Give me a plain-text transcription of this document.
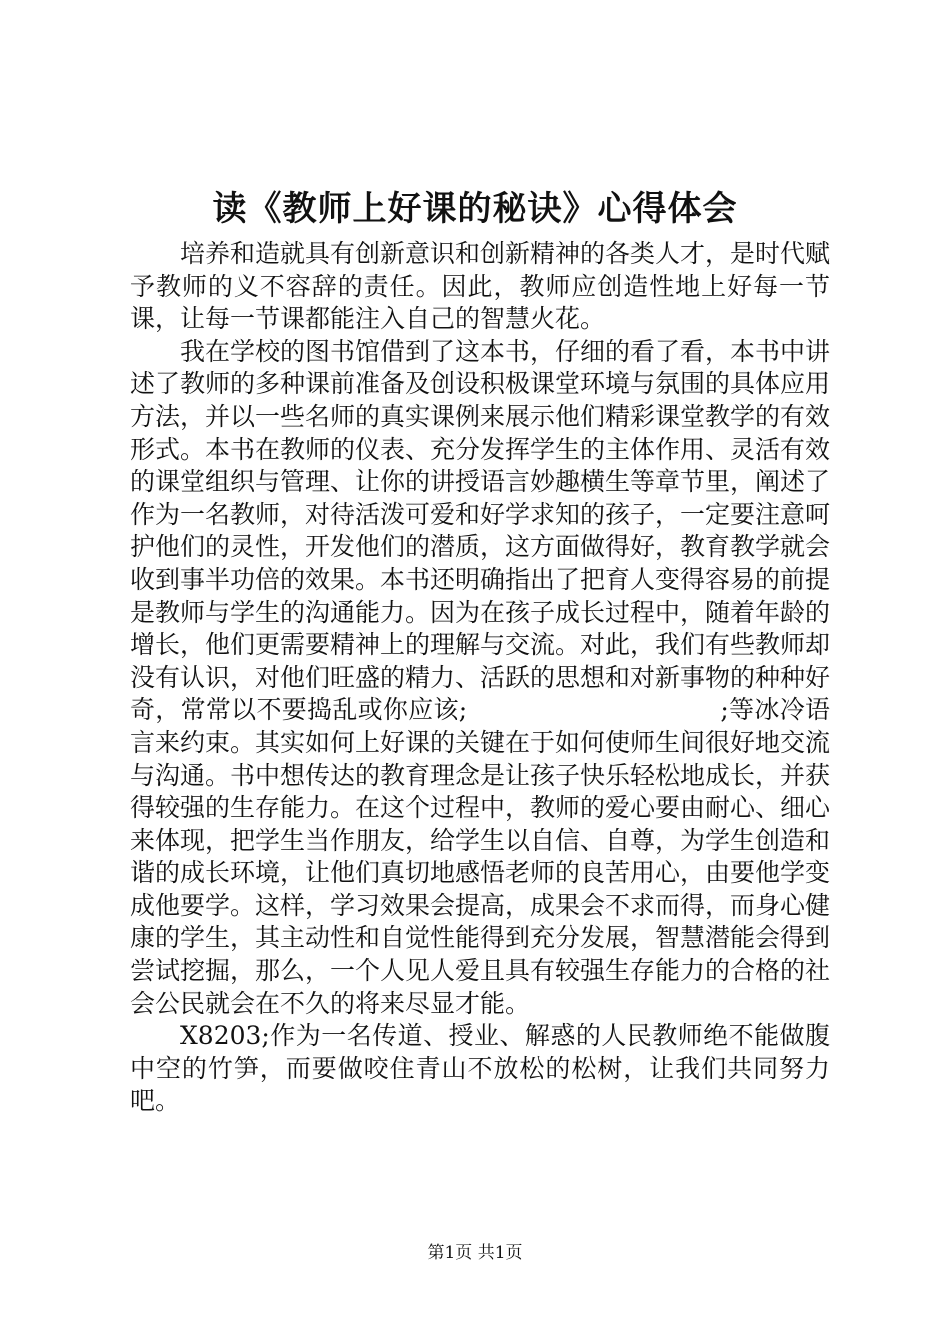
读《教师上好课的秘诀》心得体会

培养和造就具有创新意识和创新精神的各类人才，是时代赋予教师的义不容辞的责任。因此，教师应创造性地上好每一节课，让每一节课都能注入自己的智慧火花。

我在学校的图书馆借到了这本书，仔细的看了看，本书中讲述了教师的多种课前准备及创设积极课堂环境与氛围的具体应用方法，并以一些名师的真实课例来展示他们精彩课堂教学的有效形式。本书在教师的仪表、充分发挥学生的主体作用、灵活有效的课堂组织与管理、让你的讲授语言妙趣横生等章节里，阐述了作为一名教师，对待活泼可爱和好学求知的孩子，一定要注意呵护他们的灵性，开发他们的潜质，这方面做得好，教育教学就会收到事半功倍的效果。本书还明确指出了把育人变得容易的前提是教师与学生的沟通能力。因为在孩子成长过程中，随着年龄的增长，他们更需要精神上的理解与交流。对此，我们有些教师却没有认识，对他们旺盛的精力、活跃的思想和对新事物的种种好奇，常常以不要捣乱或你应该;　　　　　　　　　　;等冰冷语言来约束。其实如何上好课的关键在于如何使师生间很好地交流与沟通。书中想传达的教育理念是让孩子快乐轻松地成长，并获得较强的生存能力。在这个过程中，教师的爱心要由耐心、细心来体现，把学生当作朋友，给学生以自信、自尊，为学生创造和谐的成长环境，让他们真切地感悟老师的良苦用心，由要他学变成他要学。这样，学习效果会提高，成果会不求而得，而身心健康的学生，其主动性和自觉性能得到充分发展，智慧潜能会得到尝试挖掘，那么，一个人见人爱且具有较强生存能力的合格的社会公民就会在不久的将来尽显才能。

X8203;作为一名传道、授业、解惑的人民教师绝不能做腹中空的竹笋，而要做咬住青山不放松的松树，让我们共同努力吧。

第1页 共1页
